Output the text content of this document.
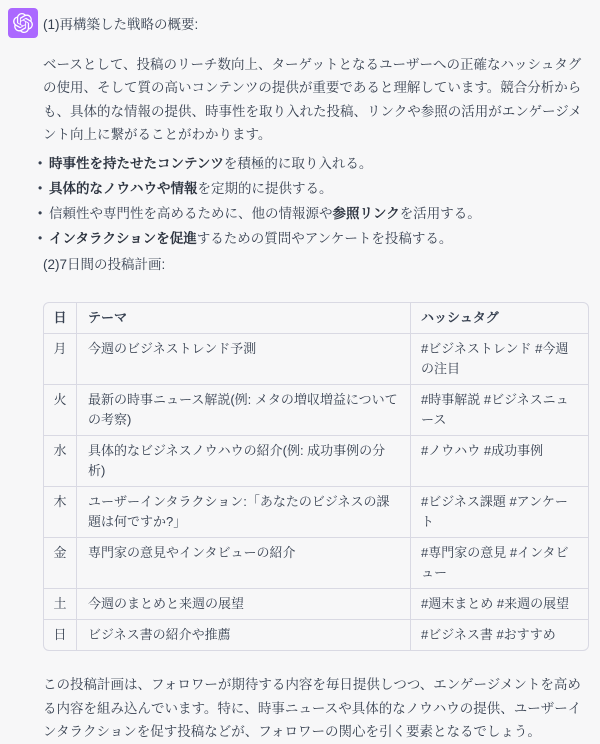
(1)再構築した戦略の概要:

ベースとして、投稿のリーチ数向上、ターゲットとなるユーザーへの正確なハッシュタグの使用、そして質の高いコンテンツの提供が重要であると理解しています。競合分析からも、具体的な情報の提供、時事性を取り入れた投稿、リンクや参照の活用がエンゲージメント向上に繋がることがわかります。

• 時事性を持たせたコンテンツを積極的に取り入れる。
• 具体的なノウハウや情報を定期的に提供する。
• 信頼性や専門性を高めるために、他の情報源や参照リンクを活用する。
• インタラクションを促進するための質問やアンケートを投稿する。

(2)7日間の投稿計画:

日	テーマ	ハッシュタグ
月	今週のビジネストレンド予測	#ビジネストレンド #今週の注目
火	最新の時事ニュース解説(例: メタの増収増益についての考察)	#時事解説 #ビジネスニュース
水	具体的なビジネスノウハウの紹介(例: 成功事例の分析)	#ノウハウ #成功事例
木	ユーザーインタラクション:「あなたのビジネスの課題は何ですか?」	#ビジネス課題 #アンケート
金	専門家の意見やインタビューの紹介	#専門家の意見 #インタビュー
土	今週のまとめと来週の展望	#週末まとめ #来週の展望
日	ビジネス書の紹介や推薦	#ビジネス書 #おすすめ

この投稿計画は、フォロワーが期待する内容を毎日提供しつつ、エンゲージメントを高める内容を組み込んでいます。特に、時事ニュースや具体的なノウハウの提供、ユーザーインタラクションを促す投稿などが、フォロワーの関心を引く要素となるでしょう。
